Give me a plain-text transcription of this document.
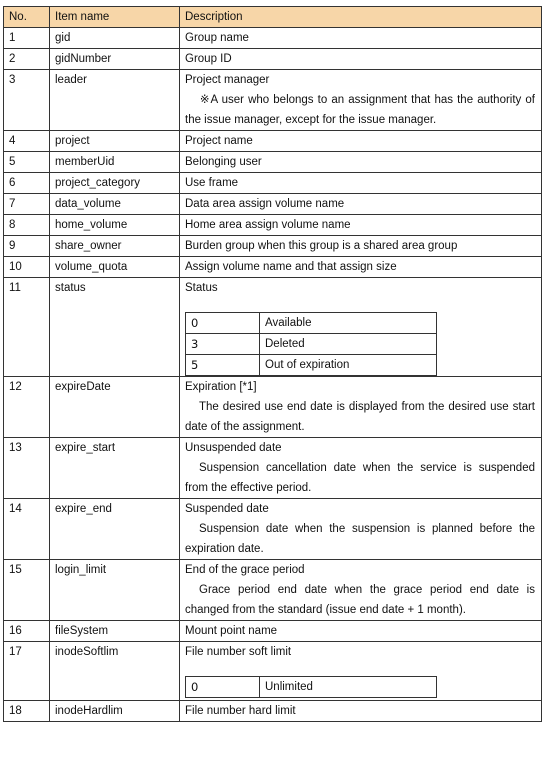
No.	Item name	Description
1	gid	Group name
2	gidNumber	Group ID
3	leader	Project manager
※A user who belongs to an assignment that has the authority of the issue manager, except for the issue manager.

4	project	Project name
5	memberUid	Belonging user
6	project_category	Use frame
7	data_volume	Data area assign volume name
8	home_volume	Home area assign volume name
9	share_owner	Burden group when this group is a shared area group
10	volume_quota	Assign volume name and that assign size
11	status	Status
0	Available
3	Deleted
5	Out of expiration

12	expireDate	Expiration [*1]
The desired use end date is displayed from the desired use start date of the assignment.

13	expire_start	Unsuspended date
Suspension cancellation date when the service is suspended from the effective period.

14	expire_end	Suspended date
Suspension date when the suspension is planned before the expiration date.

15	login_limit	End of the grace period
Grace period end date when the grace period end date is changed from the standard (issue end date + 1 month).

16	fileSystem	Mount point name
17	inodeSoftlim	File number soft limit
0	Unlimited

18	inodeHardlim	File number hard limit
